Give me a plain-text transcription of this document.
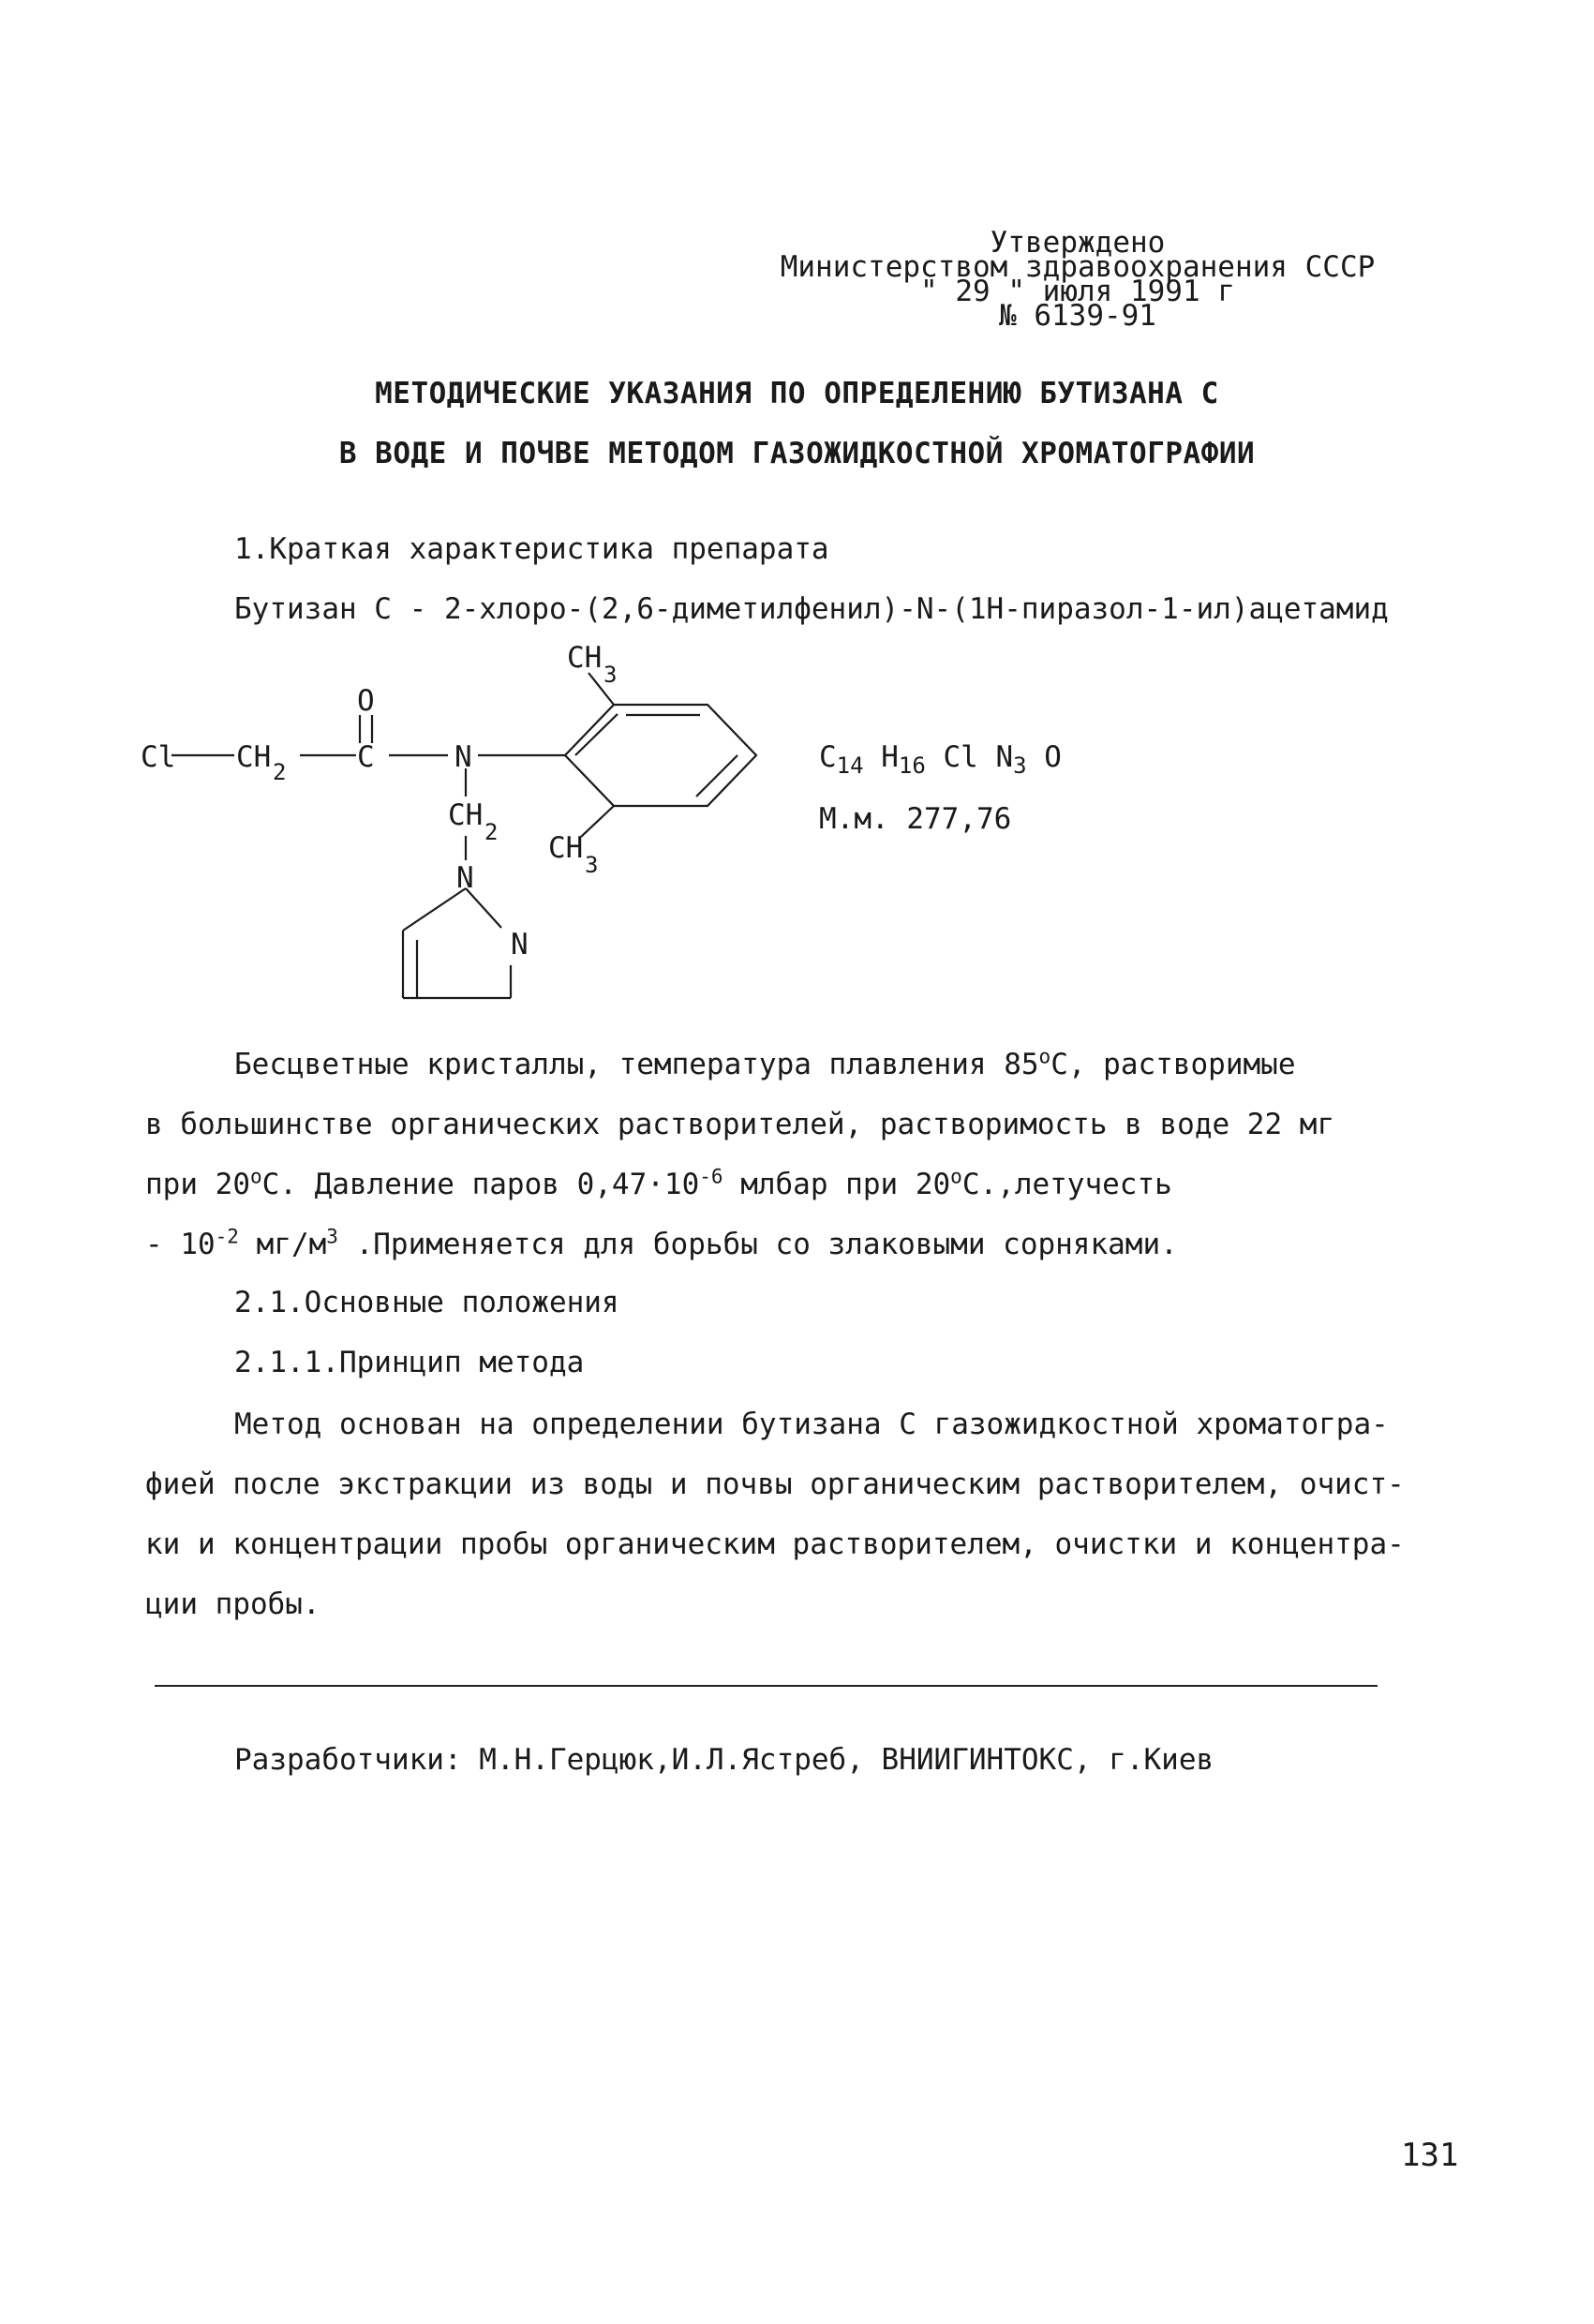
Утверждено
Министерством здравоохранения СССР
" 29 " июля 1991 г
№ 6139-91
МЕТОДИЧЕСКИЕ УКАЗАНИЯ ПО ОПРЕДЕЛЕНИЮ БУТИЗАНА С
В ВОДЕ И ПОЧВЕ МЕТОДОМ ГАЗОЖИДКОСТНОЙ ХРОМАТОГРАФИИ
1.Краткая характеристика препарата
Бутизан С - 2-хлоро-(2,6-диметилфенил)-N-(1Н-пиразол-1-ил)ацетамид
Cl CH 2 C
O
N
CH 2
N
N
CH 3
CH 3
$C_{14}$ $H_{16}$ Cl $N_3$ O
М.м. 277,76

Бесцветные кристаллы, температура плавления $85^оС$, растворимые

в большинстве органических растворителей, растворимость в воде 22 мг

при $20^оС$. Давление паров $0,47\cdot 10^{-6}$ млбар при $20^оС.,летучесть$

- $10^{-2}$ $мг/м^3$ .Применяется для борьбы со злаковыми сорняками.

2.1.Основные положения
2.1.1.Принцип метода

Метод основан на определении бутизана С газожидкостной хроматогра-

фией после экстракции из воды и почвы органическим растворителем, очист-

ки и концентрации пробы органическим растворителем, очистки и концентра-

ции пробы.

Разработчики: М.Н.Герцюк,И.Л.Ястреб, ВНИИГИНТОКС, г.Киев
131
